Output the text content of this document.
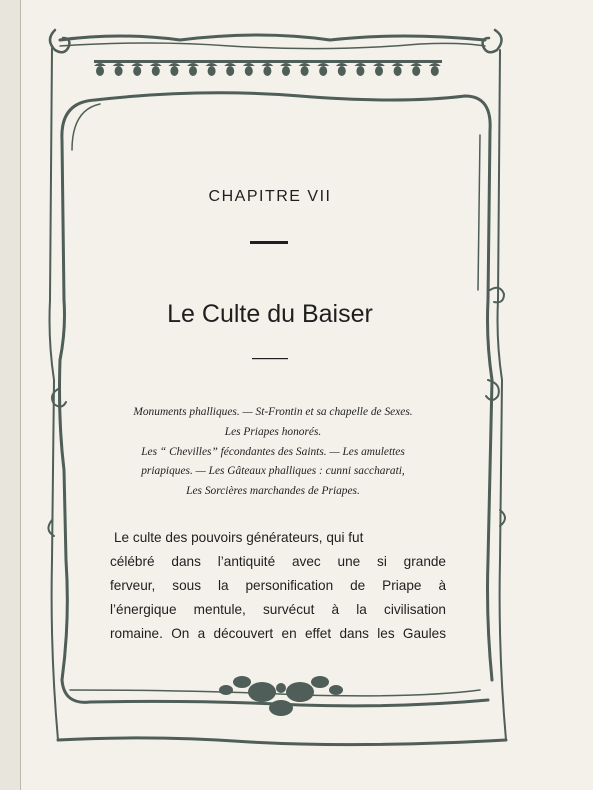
CHAPITRE VII
Le Culte du Baiser
Monuments phalliques. — St-Frontin et sa chapelle de Sexes.
Les Priapes honorés.
Les “ Chevilles” fécondantes des Saints. — Les amulettes
priapiques. — Les Gâteaux phalliques : cunni saccharati,
Les Sorcières marchandes de Priapes.
Le culte des pouvoirs générateurs, qui fut
célébré dans l’antiquité avec une si grande
ferveur, sous la personification de Priape à
l’énergique mentule, survécut à la civilisation
romaine. On a découvert en effet dans les Gaules
